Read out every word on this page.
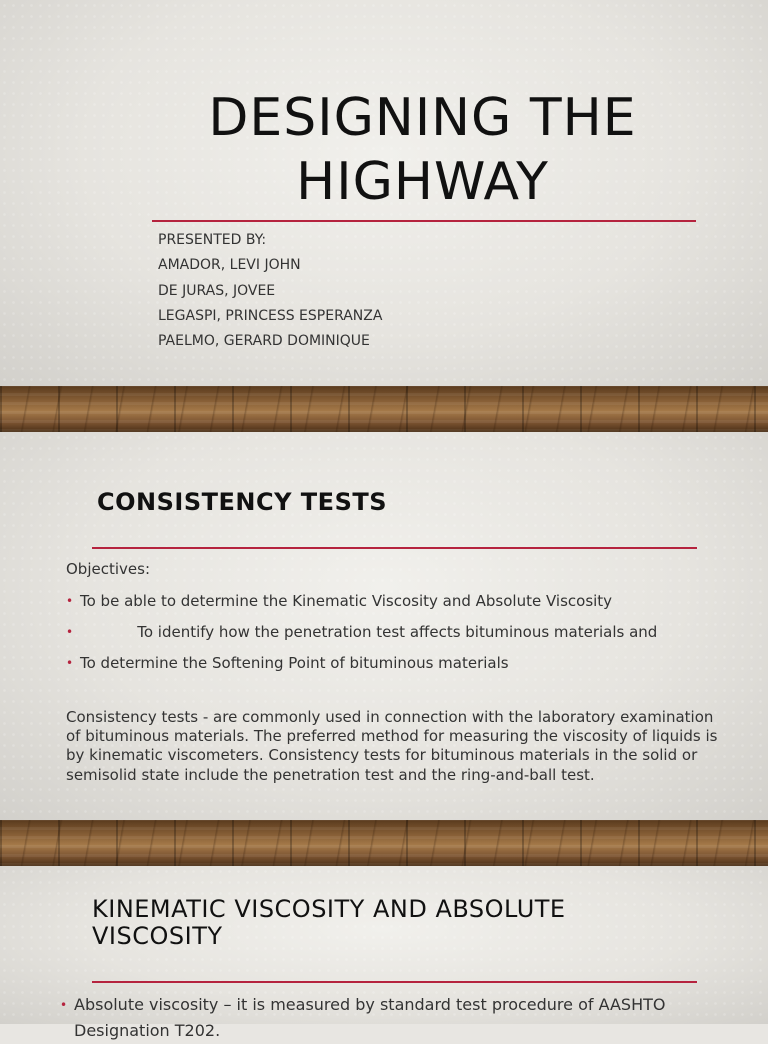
DESIGNING THE
HIGHWAY
PRESENTED BY:
AMADOR, LEVI JOHN
DE JURAS, JOVEE
LEGASPI, PRINCESS ESPERANZA
PAELMO, GERARD DOMINIQUE
CONSISTENCY TESTS
Objectives:
• To be able to determine the Kinematic Viscosity and Absolute Viscosity
• To identify how the penetration test affects bituminous materials and
• To determine the Softening Point of bituminous materials

Consistency tests - are commonly used in connection with the laboratory examination of bituminous materials. The preferred method for measuring the viscosity of liquids is by kinematic viscometers. Consistency tests for bituminous materials in the solid or semisolid state include the penetration test and the ring-and-ball test.

KINEMATIC VISCOSITY AND ABSOLUTE VISCOSITY
• Absolute viscosity – it is measured by standard test procedure of AASHTO Designation T202.
